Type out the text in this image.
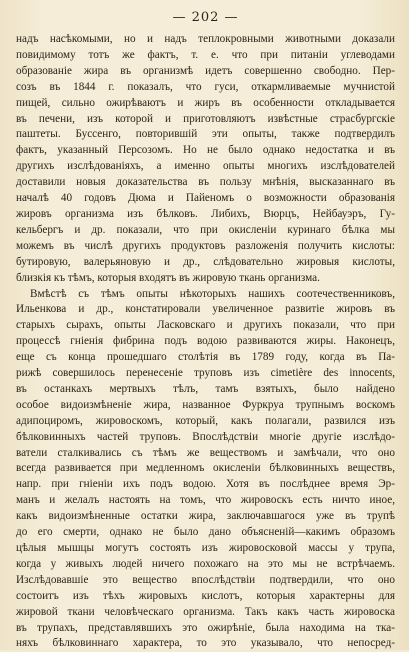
— 202 —

надъ насѣкомыми, но и надъ теплокровными животными доказали
повидимому тотъ же фактъ, т. е. что при питаніи углеводами
образованіе жира въ организмѣ идетъ совершенно свободно. Пер-
созъ въ 1844 г. показалъ, что гуси, откармливаемые мучнистой
пищей, сильно ожирѣваютъ и жиръ въ особенности откладывается
въ печени, изъ которой и приготовляютъ извѣстные страсбургскіе
паштеты. Буссенго, повторившій эти опыты, также подтвердилъ
фактъ, указанный Персозомъ. Но не было однако недостатка и въ
другихъ изслѣдованіяхъ, а именно опыты многихъ изслѣдователей
доставили новыя доказательства въ пользу мнѣнія, высказаннаго въ
началѣ 40 годовъ Дюма и Пайеномъ о возможности образованія
жировъ организма изъ бѣлковъ. Либихъ, Вюрцъ, Нейбауэръ, Гу-
кельбергъ и др. показали, что при окисленіи куринаго бѣлка мы
можемъ въ числѣ другихъ продуктовъ разложенія получить кислоты:
бутировую, валерьяновую и др., слѣдовательно жировыя кислоты,
близкія къ тѣмъ, которыя входятъ въ жировую ткань организма.

Вмѣстѣ съ тѣмъ опыты нѣкоторыхъ нашихъ соотечественниковъ,
Ильенкова и др., констатировали увеличенное развитіе жировъ въ
старыхъ сырахъ, опыты Ласковскаго и другихъ показали, что при
процессѣ гніенія фибрина подъ водою развиваются жиры. Наконецъ,
еще съ конца прошедшаго столѣтія въ 1789 году, когда въ Па-
рижѣ совершилось перенесеніе труповъ изъ cimetière des innocents,
въ останкахъ мертвыхъ тѣлъ, тамъ взятыхъ, было найдено
особое видоизмѣненіе жира, названное Фуркруа трупнымъ воскомъ
адипоциромъ, жировоскомъ, который, какъ полагали, развился изъ
бѣлковинныхъ частей труповъ. Впослѣдствіи многіе другіе изслѣдо-
ватели сталкивались съ тѣмъ же веществомъ и замѣчали, что оно
всегда развивается при медленномъ окисленіи бѣлковинныхъ веществъ,
напр. при гніеніи ихъ подъ водою. Хотя въ послѣднее время Эр-
манъ и желалъ настоять на томъ, что жировоскъ есть ничто иное,
какъ видоизмѣненные остатки жира, заключавшагося уже въ трупѣ
до его смерти, однако не было дано объясненій—какимъ образомъ
цѣлыя мышцы могутъ состоять изъ жировосковой массы у трупа,
когда у живыхъ людей ничего похожаго на это мы не встрѣчаемъ.
Изслѣдовавшіе это вещество впослѣдствіи подтвердили, что оно
состоитъ изъ тѣхъ жировыхъ кислотъ, которыя характерны для
жировой ткани человѣческаго организма. Такъ какъ часть жировоска
въ трупахъ, представлявшихъ это ожирѣніе, была находима на тка-
няхъ бѣлковиннаго характера, то это указывало, что непосред-
